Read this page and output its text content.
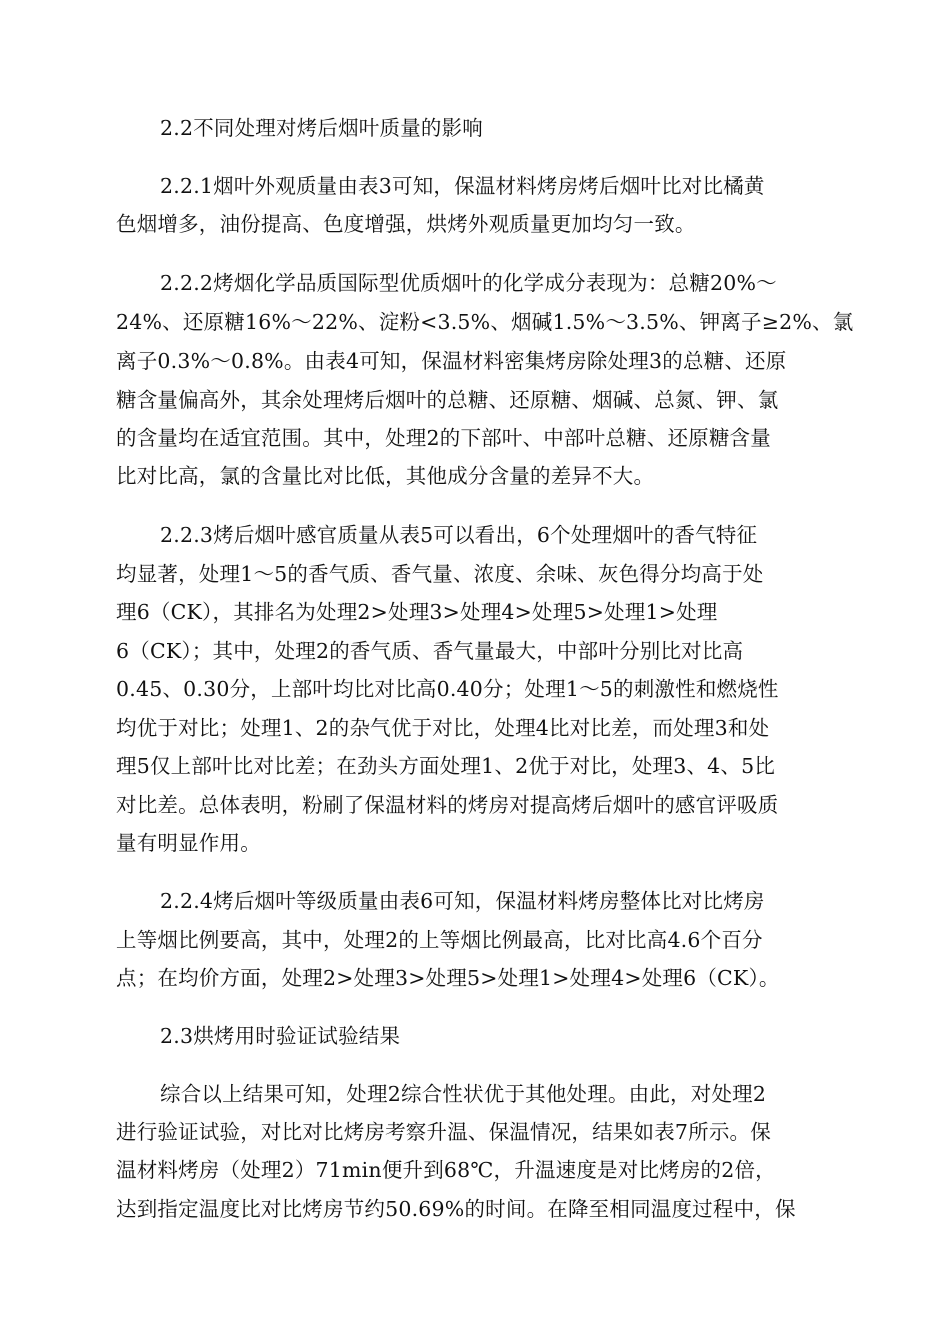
2.2不同处理对烤后烟叶质量的影响
2.2.1烟叶外观质量由表3可知，保温材料烤房烤后烟叶比对比橘黄
色烟增多，油份提高、色度增强，烘烤外观质量更加均匀一致。
2.2.2烤烟化学品质国际型优质烟叶的化学成分表现为：总糖20%～
24%、还原糖16%～22%、淀粉<3.5%、烟碱1.5%～3.5%、钾离子≥2%、氯
离子0.3%～0.8%。由表4可知，保温材料密集烤房除处理3的总糖、还原
糖含量偏高外，其余处理烤后烟叶的总糖、还原糖、烟碱、总氮、钾、氯
的含量均在适宜范围。其中，处理2的下部叶、中部叶总糖、还原糖含量
比对比高，氯的含量比对比低，其他成分含量的差异不大。
2.2.3烤后烟叶感官质量从表5可以看出，6个处理烟叶的香气特征
均显著，处理1～5的香气质、香气量、浓度、余味、灰色得分均高于处
理6（CK），其排名为处理2>处理3>处理4>处理5>处理1>处理
6（CK）；其中，处理2的香气质、香气量最大，中部叶分别比对比高
0.45、0.30分，上部叶均比对比高0.40分；处理1～5的刺激性和燃烧性
均优于对比；处理1、2的杂气优于对比，处理4比对比差，而处理3和处
理5仅上部叶比对比差；在劲头方面处理1、2优于对比，处理3、4、5比
对比差。总体表明，粉刷了保温材料的烤房对提高烤后烟叶的感官评吸质
量有明显作用。
2.2.4烤后烟叶等级质量由表6可知，保温材料烤房整体比对比烤房
上等烟比例要高，其中，处理2的上等烟比例最高，比对比高4.6个百分
点；在均价方面，处理2>处理3>处理5>处理1>处理4>处理6（CK）。
2.3烘烤用时验证试验结果
综合以上结果可知，处理2综合性状优于其他处理。由此，对处理2
进行验证试验，对比对比烤房考察升温、保温情况，结果如表7所示。保
温材料烤房（处理2）71min便升到68℃，升温速度是对比烤房的2倍，
达到指定温度比对比烤房节约50.69%的时间。在降至相同温度过程中，保
